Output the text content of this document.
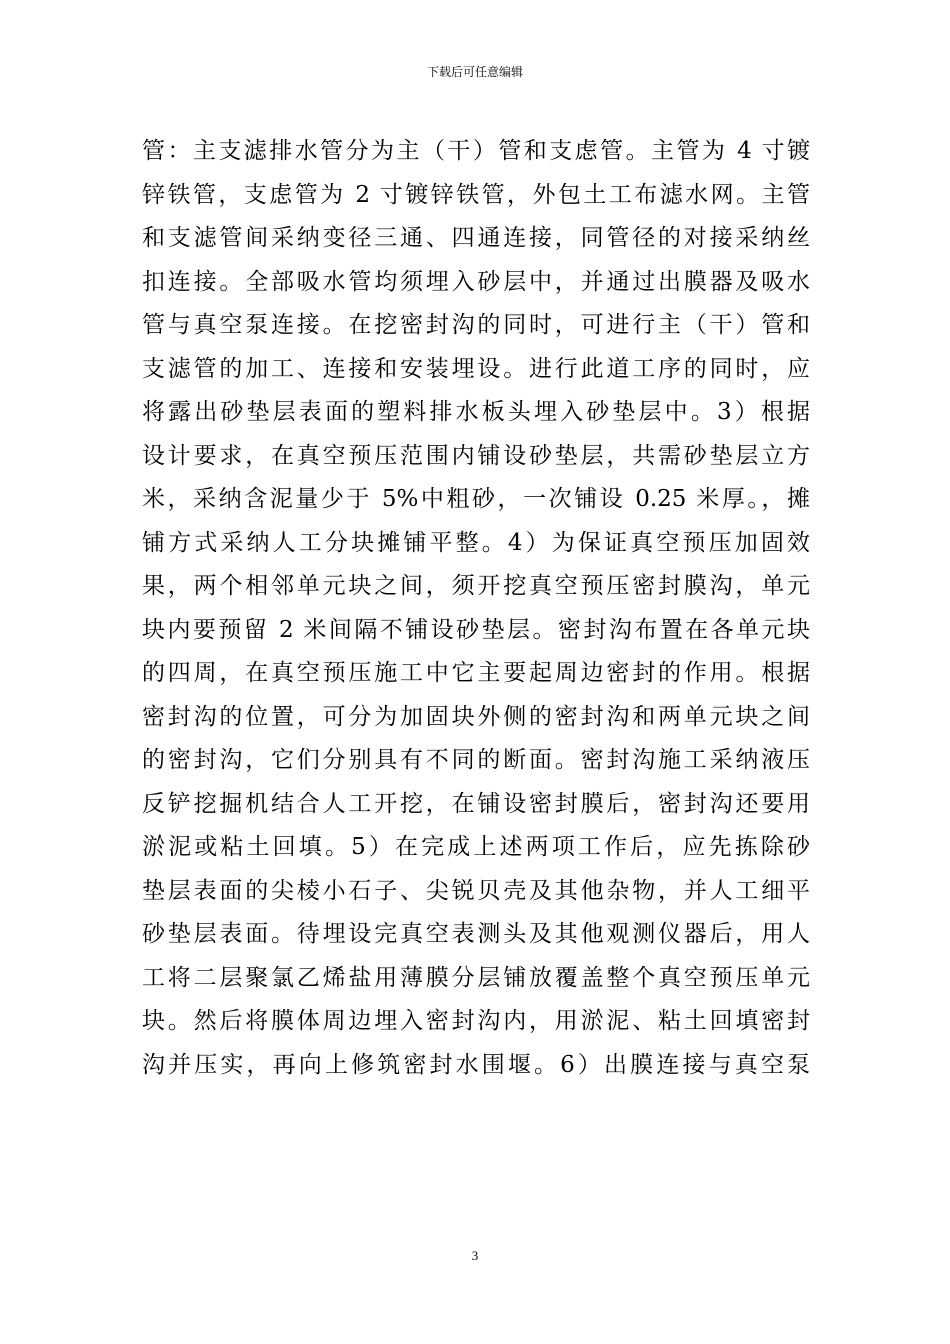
下载后可任意编辑
管：主支滤排水管分为主（干）管和支虑管。主管为 4 寸镀
锌铁管，支虑管为 2 寸镀锌铁管，外包土工布滤水网。主管
和支滤管间采纳变径三通、四通连接，同管径的对接采纳丝
扣连接。全部吸水管均须埋入砂层中，并通过出膜器及吸水
管与真空泵连接。在挖密封沟的同时，可进行主（干）管和
支滤管的加工、连接和安装埋设。进行此道工序的同时，应
将露出砂垫层表面的塑料排水板头埋入砂垫层中。3）根据
设计要求，在真空预压范围内铺设砂垫层，共需砂垫层立方
米，采纳含泥量少于 5%中粗砂，一次铺设 0.25 米厚。，摊
铺方式采纳人工分块摊铺平整。4）为保证真空预压加固效
果，两个相邻单元块之间，须开挖真空预压密封膜沟，单元
块内要预留 2 米间隔不铺设砂垫层。密封沟布置在各单元块
的四周，在真空预压施工中它主要起周边密封的作用。根据
密封沟的位置，可分为加固块外侧的密封沟和两单元块之间
的密封沟，它们分别具有不同的断面。密封沟施工采纳液压
反铲挖掘机结合人工开挖，在铺设密封膜后，密封沟还要用
淤泥或粘土回填。5）在完成上述两项工作后，应先拣除砂
垫层表面的尖棱小石子、尖锐贝壳及其他杂物，并人工细平
砂垫层表面。待埋设完真空表测头及其他观测仪器后，用人
工将二层聚氯乙烯盐用薄膜分层铺放覆盖整个真空预压单元
块。然后将膜体周边埋入密封沟内，用淤泥、粘土回填密封
沟并压实，再向上修筑密封水围堰。6）出膜连接与真空泵
3
